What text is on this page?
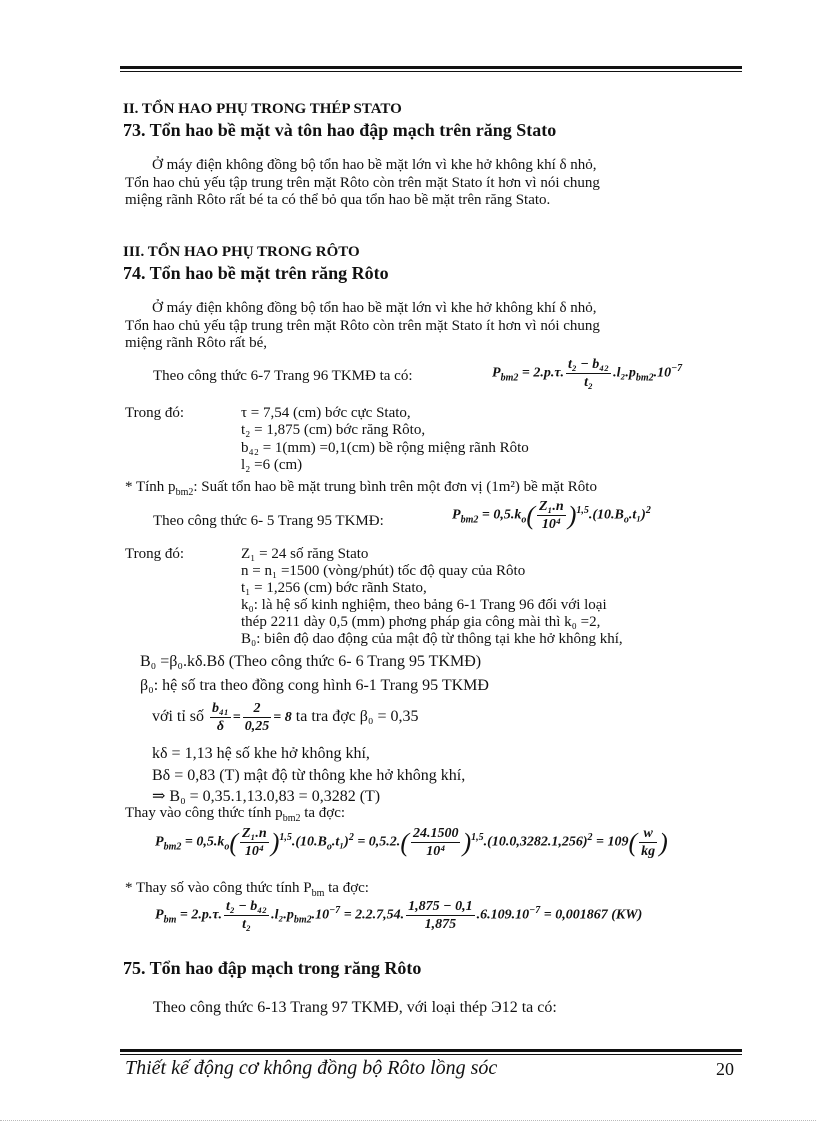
II. TỔN HAO PHỤ TRONG THÉP STATO
73. Tổn hao bề mặt và tôn hao đập mạch trên răng Stato
Ở máy điện không đồng bộ tổn hao bề mặt lớn vì khe hở không khí δ nhỏ,
Tổn hao chủ yếu tập trung trên mặt Rôto còn trên mặt Stato ít hơn vì nói chung
miệng rãnh Rôto rất bé ta có thể bỏ qua tổn hao bề mặt trên răng Stato.
III. TỔN HAO PHỤ TRONG RÔTO
74. Tổn hao bề mặt trên răng Rôto
Ở máy điện không đồng bộ tổn hao bề mặt lớn vì khe hở không khí δ nhỏ,
Tổn hao chủ yếu tập trung trên mặt Rôto còn trên mặt Stato ít hơn vì nói chung
miệng rãnh Rôto rất bé,
Theo công thức 6-7 Trang 96 TKMĐ ta có:	$P_{bm2} = 2.p.\tau$. $\frac{\text{t₂ − b₄₂}}{\text{t₂}} .l_2.p_{bm2}.10^{-7}$
Trong đó:	τ = 7,54 (cm) bớc cực Stato,
t₂ = 1,875 (cm) bớc răng Rôto,
b₄₂ = 1(mm) =0,1(cm) bề rộng miệng rãnh Rôto
l₂ =6 (cm)
* Tính $p_{bm2}$: Suất tổn hao bề mặt trung bình trên một đơn vị (1m²) bề mặt Rôto
Theo công thức 6- 5 Trang 95 TKMĐ:	$P_{bm2} = 0,5.k_o( \frac{\text{Z₁.n}}{\text{10⁴}} )^{1,5}.(10.B_o.t_1)^2$
Trong đó:	Z₁ = 24 số răng Stato
n = n₁ =1500 (vòng/phút) tốc độ quay của Rôto
t₁ = 1,256 (cm) bớc rãnh Stato,
k₀: là hệ số kinh nghiệm, theo bảng 6-1 Trang 96 đối với loại
thép 2211 dày 0,5 (mm) phơng pháp gia công mài thì k₀ =2,
B₀: biên độ dao động của mật độ từ thông tại khe hở không khí,
B₀ =β₀.kδ.Bδ (Theo công thức 6- 6 Trang 95 TKMĐ)
β₀: hệ số tra theo đồng cong hình 6-1 Trang 95 TKMĐ
với tỉ số $\frac{\text{b₄₁}}{\delta} = \frac{2}{0,25} = 8$ ta tra đợc β₀ = 0,35
kδ = 1,13 hệ số khe hở không khí,
Bδ = 0,83 (T) mật độ từ thông khe hở không khí,
⇒ B₀ = 0,35.1,13.0,83 = 0,3282 (T)
Thay vào công thức tính $p_{bm2}$ ta đợc:
$P_{bm2} = 0,5.k_o( \frac{\text{Z₁.n}}{\text{10⁴}} )^{1,5}.(10.B_o.t_1)^2 = 0,5.2.( \frac{24.1500}{\text{10⁴}} )^{1,5}.(10.0,3282.1,256)^2 = 109( \frac{w}{kg}$ )
* Thay số vào công thức tính $P_{bm}$ ta đợc:
$P_{bm} = 2.p.\tau$. $\frac{\text{t₂ − b₄₂}}{\text{t₂}} .l_2.p_{bm2}.10^{-7} = 2.2.7,54$. $\frac{1,875 - 0,1}{1,875} .6.109.10^{-7} = 0,001867$ (KW)
75. Tổn hao đập mạch trong răng Rôto
Theo công thức 6-13 Trang 97 TKMĐ, với loại thép Э12 ta có:
Thiết kế động cơ không đồng bộ Rôto lồng sóc	20
